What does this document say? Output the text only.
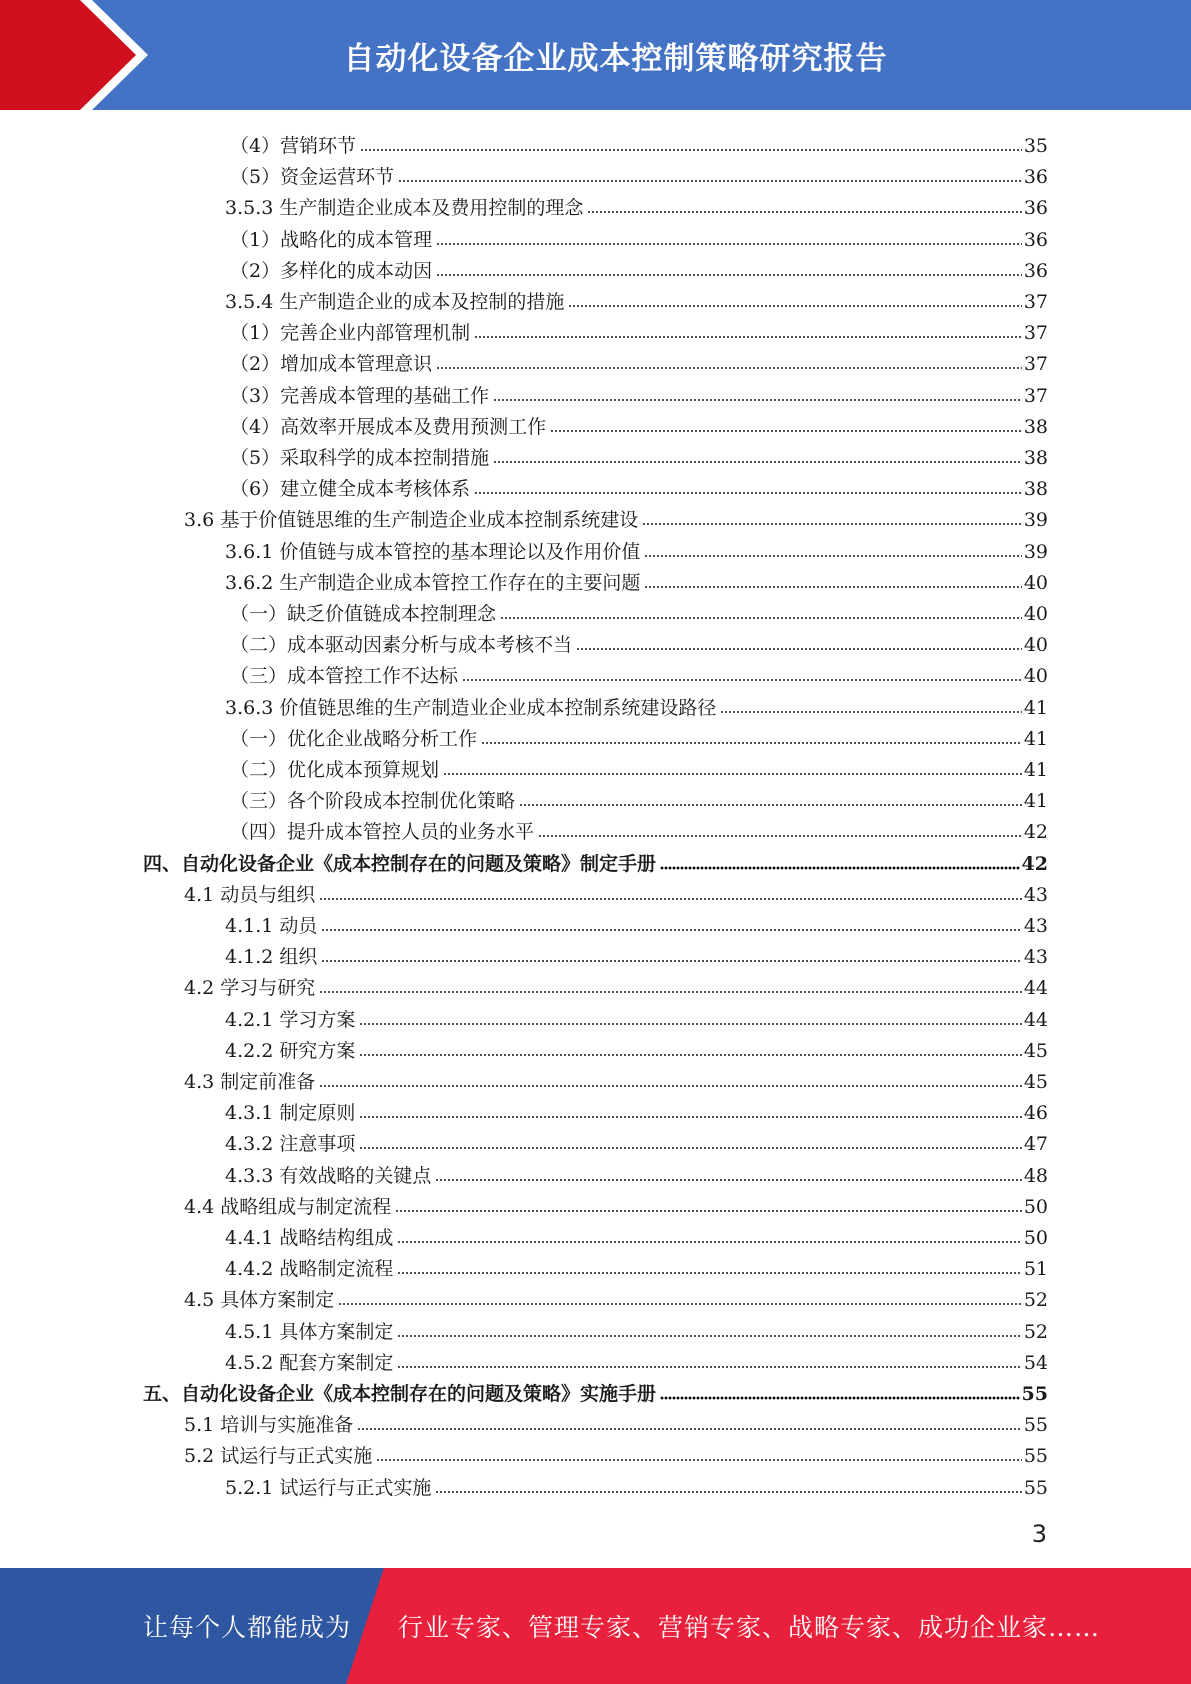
自动化设备企业成本控制策略研究报告
（4）营销环节	35
（5）资金运营环节	36
3.5.3 生产制造企业成本及费用控制的理念	36
（1）战略化的成本管理	36
（2）多样化的成本动因	36
3.5.4 生产制造企业的成本及控制的措施	37
（1）完善企业内部管理机制	37
（2）增加成本管理意识	37
（3）完善成本管理的基础工作	37
（4）高效率开展成本及费用预测工作	38
（5）采取科学的成本控制措施	38
（6）建立健全成本考核体系	38
3.6 基于价值链思维的生产制造企业成本控制系统建设	39
3.6.1 价值链与成本管控的基本理论以及作用价值	39
3.6.2 生产制造企业成本管控工作存在的主要问题	40
（一）缺乏价值链成本控制理念	40
（二）成本驱动因素分析与成本考核不当	40
（三）成本管控工作不达标	40
3.6.3 价值链思维的生产制造业企业成本控制系统建设路径	41
（一）优化企业战略分析工作	41
（二）优化成本预算规划	41
（三）各个阶段成本控制优化策略	41
（四）提升成本管控人员的业务水平	42
四、自动化设备企业《成本控制存在的问题及策略》制定手册	42
4.1 动员与组织	43
4.1.1 动员	43
4.1.2 组织	43
4.2 学习与研究	44
4.2.1 学习方案	44
4.2.2 研究方案	45
4.3 制定前准备	45
4.3.1 制定原则	46
4.3.2 注意事项	47
4.3.3 有效战略的关键点	48
4.4 战略组成与制定流程	50
4.4.1 战略结构组成	50
4.4.2 战略制定流程	51
4.5 具体方案制定	52
4.5.1 具体方案制定	52
4.5.2 配套方案制定	54
五、自动化设备企业《成本控制存在的问题及策略》实施手册	55
5.1 培训与实施准备	55
5.2 试运行与正式实施	55
5.2.1 试运行与正式实施	55
3
让每个人都能成为 行业专家、管理专家、营销专家、战略专家、成功企业家……
